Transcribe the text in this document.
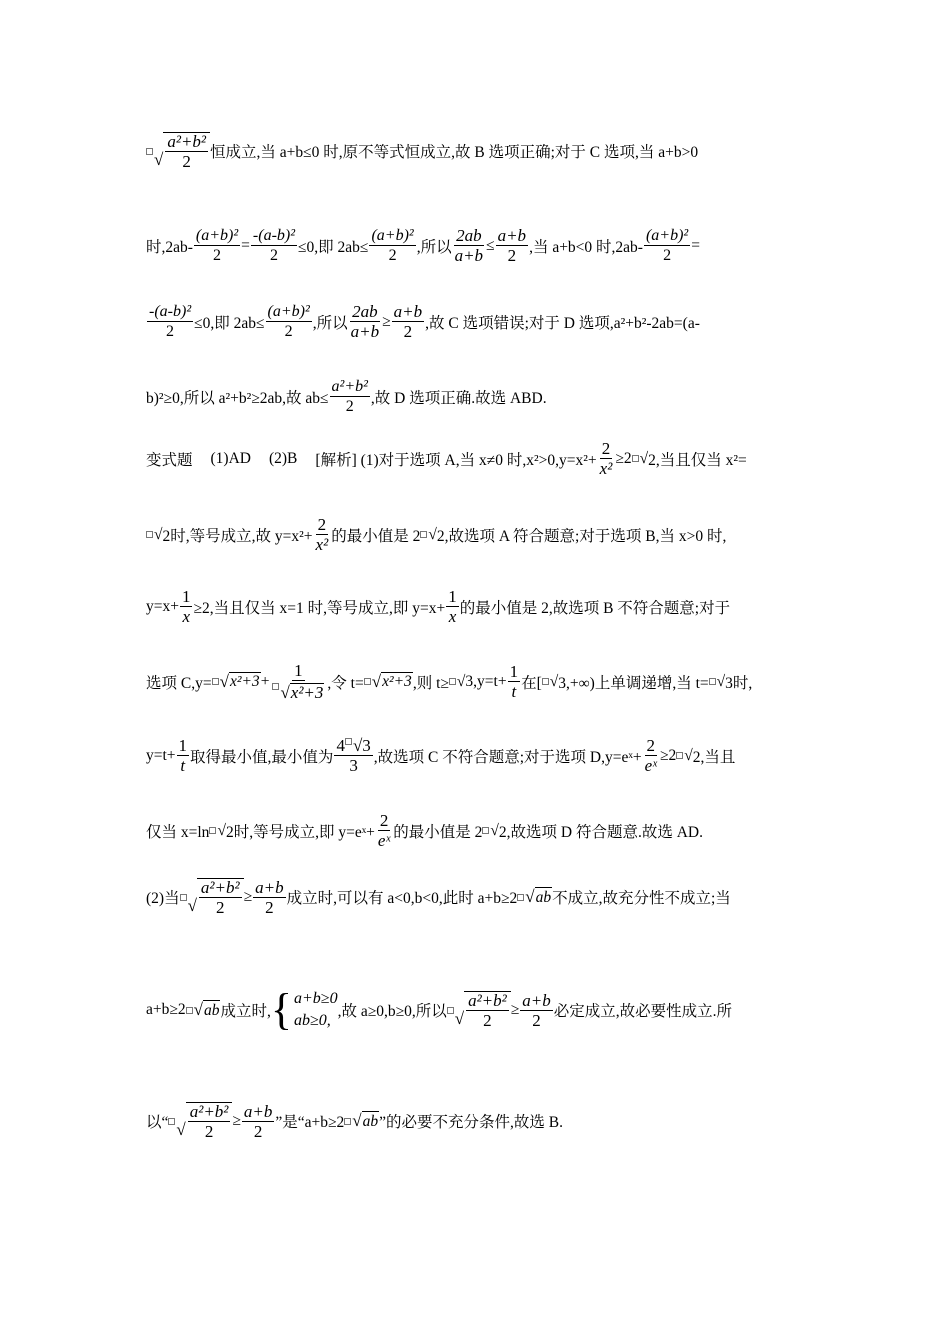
√ $\frac{\text{a²+b²}}{2}$ 恒成立,当 a+b≤0 时,原不等式恒成立,故 B 选项正确;对于 C 选项,当 a+b>0
时$,2ab- \frac{\text{(a+b)²}}{2} = \frac{\text{-(a-b)²}}{2} \le 0$,即 $2ab\le \frac{\text{(a+b)²}}{2}$ ,所以 $\frac{2ab}{a+b} \le \frac{a+b}{2}$ ,当 a+b<0 时$,2ab- \frac{\text{(a+b)²}}{2}$ =
$\frac{\text{-(a-b)²}}{2} \le 0$,即 $2ab\le \frac{\text{(a+b)²}}{2}$ ,所以 $\frac{2ab}{a+b} \ge \frac{a+b}{2}$ ,故 C 选项错误;对于 D 选项,a²+b²-2ab=(a-
b)²≥0,所以 a²+b²≥2ab,故 $ab\le \frac{\text{a²+b²}}{2}$ ,故 D 选项正确.故选 ABD.
变式题 (1)AD (2)B [解析] (1)对于选项 A,当 x≠0 时$,x^2>0,y=x^2+ \frac{2}{\text{x²}} \ge 2$ √ 2,当且仅当 x²=
√ 2时,等号成立,故 $y=x^2+ \frac{2}{\text{x²}}$ 的最小值是 2 √ 2,故选项 A 符合题意;对于选项 B,当 x>0 时,
$y=x+ \frac{1}{x} \ge 2$,当且仅当 x=1 时,等号成立,即 $y=x+ \frac{1}{x}$ 的最小值是 2,故选项 B 不符合题意;对于
选项 C,y= √ $x^2+3 + \frac{1}{\text{√ x²+3}}$ ,令 t= √ x²+3 ,则 t≥ √ $3,y=t+ \frac{1}{t}$ 在[ √ 3,+∞)上单调递增,当 t= √ 3时,
$y=t+ \frac{1}{t}$ 取得最小值,最小值为 $\frac{4 √3}{3}$ ,故选项 C 不符合题意;对于选项 D,y=eˣ+ $\frac{2}{\text{eˣ}} \ge 2$ √ 2,当且
仅当 x=ln √ 2时,等号成立,即 y=eˣ+ $\frac{2}{\text{eˣ}}$ 的最小值是 2 √ 2,故选项 D 符合题意.故选 AD.
(2)当 √ $\frac{\text{a²+b²}}{2} \ge \frac{a+b}{2}$ 成立时,可以有 a<0,b<0,此时 a+b≥2 √ ab 不成立,故充分性不成立;当
a+b≥2 √ ab 成立时, { a+b≥0
ab≥0,
,故 a≥0,b≥0,所以 √ $\frac{\text{a²+b²}}{2} \ge \frac{a+b}{2}$ 必定成立,故必要性成立.所
以“ √ $\frac{\text{a²+b²}}{2} \ge \frac{a+b}{2}$ ”是“a+b≥2 √ ab ”的必要不充分条件,故选 B.
